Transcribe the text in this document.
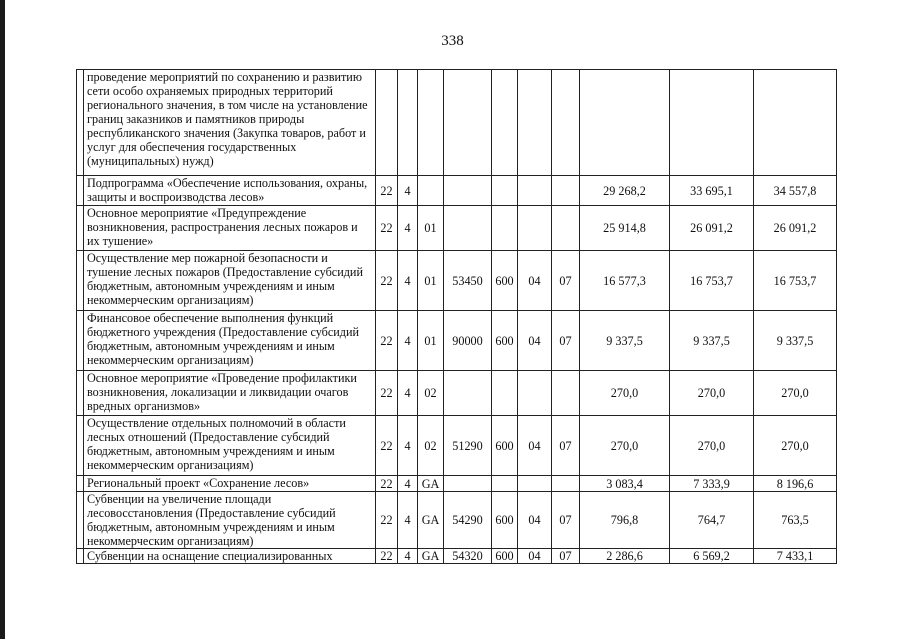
338
	проведение мероприятий по сохранению и развитию сети особо охраняемых природных территорий регионального значения, в том числе на установление границ заказников и памятников природы республиканского значения (Закупка товаров, работ и услуг для обеспечения государственных (муниципальных) нужд)										
	Подпрограмма «Обеспечение использования, охраны, защиты и воспроизводства лесов»	22	4						29 268,2	33 695,1	34 557,8
	Основное мероприятие «Предупреждение возникновения, распространения лесных пожаров и их тушение»	22	4	01					25 914,8	26 091,2	26 091,2
	Осуществление мер пожарной безопасности и тушение лесных пожаров (Предоставление субсидий бюджетным, автономным учреждениям и иным некоммерческим организациям)	22	4	01	53450	600	04	07	16 577,3	16 753,7	16 753,7
	Финансовое обеспечение выполнения функций бюджетного учреждения (Предоставление субсидий бюджетным, автономным учреждениям и иным некоммерческим организациям)	22	4	01	90000	600	04	07	9 337,5	9 337,5	9 337,5
	Основное мероприятие «Проведение профилактики возникновения, локализации и ликвидации очагов вредных организмов»	22	4	02					270,0	270,0	270,0
	Осуществление отдельных полномочий в области лесных отношений (Предоставление субсидий бюджетным, автономным учреждениям и иным некоммерческим организациям)	22	4	02	51290	600	04	07	270,0	270,0	270,0
	Региональный проект «Сохранение лесов»	22	4	GA					3 083,4	7 333,9	8 196,6
	Субвенции на увеличение площади лесовосстановления (Предоставление субсидий бюджетным, автономным учреждениям и иным некоммерческим организациям)	22	4	GA	54290	600	04	07	796,8	764,7	763,5
	Субвенции на оснащение специализированных	22	4	GA	54320	600	04	07	2 286,6	6 569,2	7 433,1
